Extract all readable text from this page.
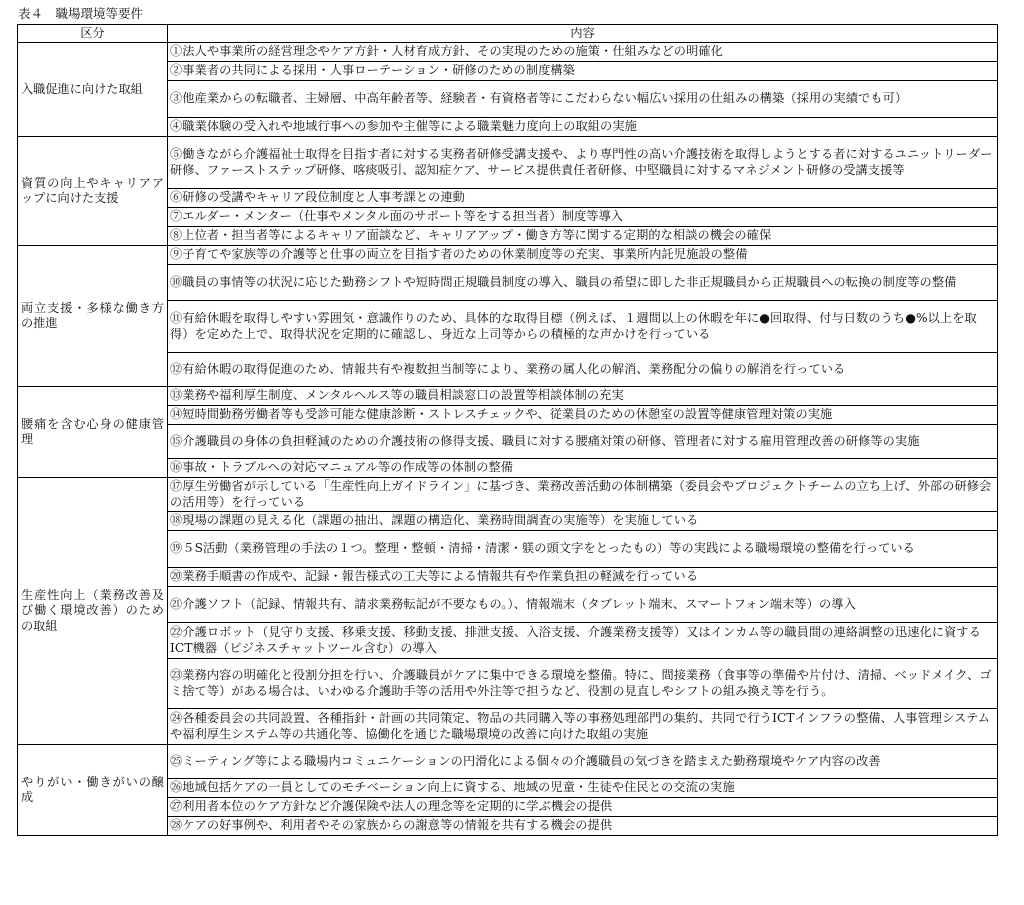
表４　職場環境等要件
区分	内容
入職促進に向けた取組	①法人や事業所の経営理念やケア方針・人材育成方針、その実現のための施策・仕組みなどの明確化
	②事業者の共同による採用・人事ローテーション・研修のための制度構築
	③他産業からの転職者、主婦層、中高年齢者等、経験者・有資格者等にこだわらない幅広い採用の仕組みの構築（採用の実績でも可）
	④職業体験の受入れや地域行事への参加や主催等による職業魅力度向上の取組の実施
資質の向上やキャリアアップに向けた支援	⑤働きながら介護福祉士取得を目指す者に対する実務者研修受講支援や、より専門性の高い介護技術を取得しようとする者に対するユニットリーダー研修、ファーストステップ研修、喀痰吸引、認知症ケア、サービス提供責任者研修、中堅職員に対するマネジメント研修の受講支援等
	⑥研修の受講やキャリア段位制度と人事考課との連動
	⑦エルダー・メンター（仕事やメンタル面のサポート等をする担当者）制度等導入
	⑧上位者・担当者等によるキャリア面談など、キャリアアップ・働き方等に関する定期的な相談の機会の確保
両立支援・多様な働き方の推進	⑨子育てや家族等の介護等と仕事の両立を目指す者のための休業制度等の充実、事業所内託児施設の整備
	⑩職員の事情等の状況に応じた勤務シフトや短時間正規職員制度の導入、職員の希望に即した非正規職員から正規職員への転換の制度等の整備
	⑪有給休暇を取得しやすい雰囲気・意識作りのため、具体的な取得目標（例えば、１週間以上の休暇を年に●回取得、付与日数のうち●%以上を取得）を定めた上で、取得状況を定期的に確認し、身近な上司等からの積極的な声かけを行っている
	⑫有給休暇の取得促進のため、情報共有や複数担当制等により、業務の属人化の解消、業務配分の偏りの解消を行っている
腰痛を含む心身の健康管理	⑬業務や福利厚生制度、メンタルヘルス等の職員相談窓口の設置等相談体制の充実
	⑭短時間勤務労働者等も受診可能な健康診断・ストレスチェックや、従業員のための休憩室の設置等健康管理対策の実施
	⑮介護職員の身体の負担軽減のための介護技術の修得支援、職員に対する腰痛対策の研修、管理者に対する雇用管理改善の研修等の実施
	⑯事故・トラブルへの対応マニュアル等の作成等の体制の整備
生産性向上（業務改善及び働く環境改善）のための取組	⑰厚生労働省が示している「生産性向上ガイドライン」に基づき、業務改善活動の体制構築（委員会やプロジェクトチームの立ち上げ、外部の研修会の活用等）を行っている
	⑱現場の課題の見える化（課題の抽出、課題の構造化、業務時間調査の実施等）を実施している
	⑲５S活動（業務管理の手法の１つ。整理・整頓・清掃・清潔・躾の頭文字をとったもの）等の実践による職場環境の整備を行っている
	⑳業務手順書の作成や、記録・報告様式の工夫等による情報共有や作業負担の軽減を行っている
	㉑介護ソフト（記録、情報共有、請求業務転記が不要なもの。）、情報端末（タブレット端末、スマートフォン端末等）の導入
	㉒介護ロボット（見守り支援、移乗支援、移動支援、排泄支援、入浴支援、介護業務支援等）又はインカム等の職員間の連絡調整の迅速化に資するICT機器（ビジネスチャットツール含む）の導入
	㉓業務内容の明確化と役割分担を行い、介護職員がケアに集中できる環境を整備。特に、間接業務（食事等の準備や片付け、清掃、ベッドメイク、ゴミ捨て等）がある場合は、いわゆる介護助手等の活用や外注等で担うなど、役割の見直しやシフトの組み換え等を行う。
	㉔各種委員会の共同設置、各種指針・計画の共同策定、物品の共同購入等の事務処理部門の集約、共同で行うICTインフラの整備、人事管理システムや福利厚生システム等の共通化等、協働化を通じた職場環境の改善に向けた取組の実施
やりがい・働きがいの醸成	㉕ミーティング等による職場内コミュニケーションの円滑化による個々の介護職員の気づきを踏まえた勤務環境やケア内容の改善
	㉖地域包括ケアの一員としてのモチベーション向上に資する、地域の児童・生徒や住民との交流の実施
	㉗利用者本位のケア方針など介護保険や法人の理念等を定期的に学ぶ機会の提供
	㉘ケアの好事例や、利用者やその家族からの謝意等の情報を共有する機会の提供
